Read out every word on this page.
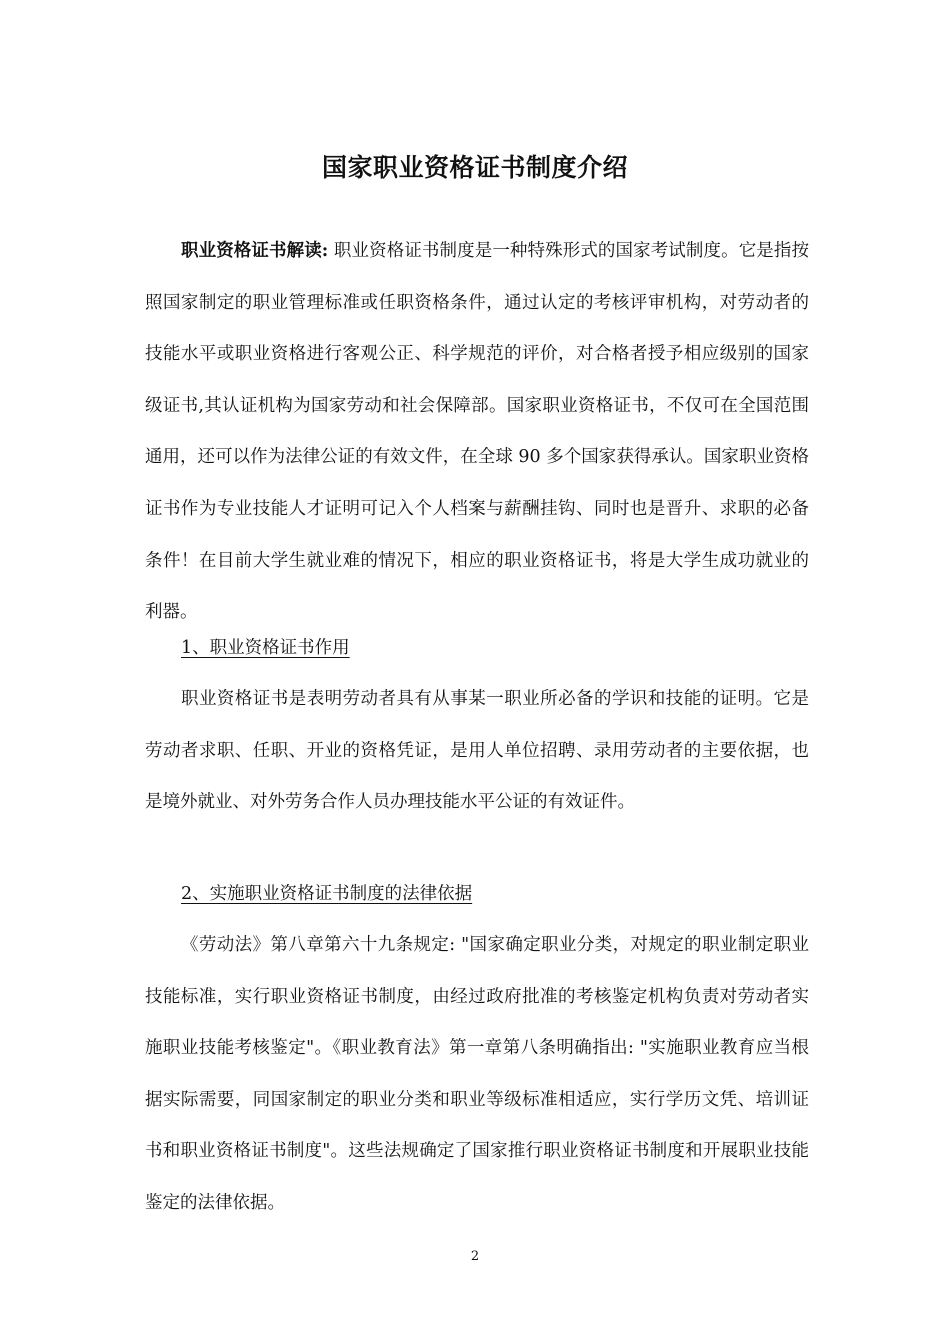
国家职业资格证书制度介绍

职业资格证书解读: 职业资格证书制度是一种特殊形式的国家考试制度。它是指按照国家制定的职业管理标准或任职资格条件，通过认定的考核评审机构，对劳动者的技能水平或职业资格进行客观公正、科学规范的评价，对合格者授予相应级别的国家级证书,其认证机构为国家劳动和社会保障部。国家职业资格证书，不仅可在全国范围通用，还可以作为法律公证的有效文件，在全球 90 多个国家获得承认。国家职业资格证书作为专业技能人才证明可记入个人档案与薪酬挂钩、同时也是晋升、求职的必备条件！在目前大学生就业难的情况下，相应的职业资格证书，将是大学生成功就业的利器。

1、职业资格证书作用

职业资格证书是表明劳动者具有从事某一职业所必备的学识和技能的证明。它是劳动者求职、任职、开业的资格凭证，是用人单位招聘、录用劳动者的主要依据，也是境外就业、对外劳务合作人员办理技能水平公证的有效证件。

2、实施职业资格证书制度的法律依据

《劳动法》第八章第六十九条规定: "国家确定职业分类，对规定的职业制定职业技能标准，实行职业资格证书制度，由经过政府批准的考核鉴定机构负责对劳动者实施职业技能考核鉴定"。《职业教育法》第一章第八条明确指出: "实施职业教育应当根据实际需要，同国家制定的职业分类和职业等级标准相适应，实行学历文凭、培训证书和职业资格证书制度"。这些法规确定了国家推行职业资格证书制度和开展职业技能鉴定的法律依据。

2
